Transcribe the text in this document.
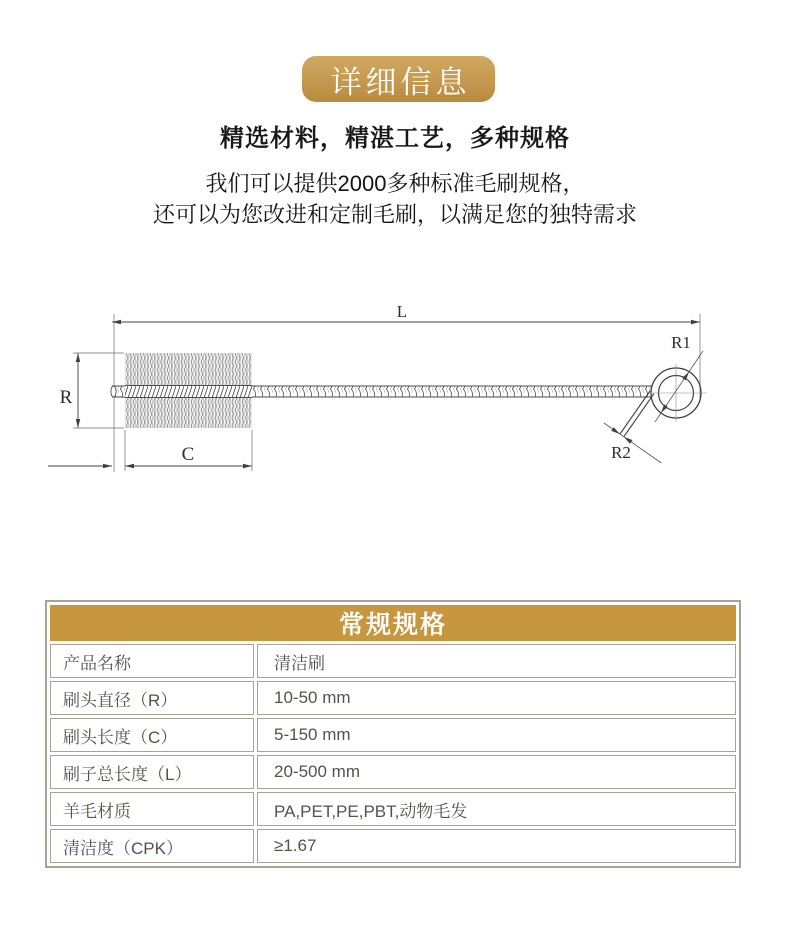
详细信息
精选材料，精湛工艺，多种规格
我们可以提供2000多种标准毛刷规格，
还可以为您改进和定制毛刷，以满足您的独特需求
L
R
C
R1
R2
常规规格	
产品名称	清洁刷
刷头直径（R）	10-50 mm
刷头长度（C）	5-150 mm
刷子总长度（L）	20-500 mm
羊毛材质	PA,PET,PE,PBT,动物毛发
清洁度（CPK）	≥1.67
